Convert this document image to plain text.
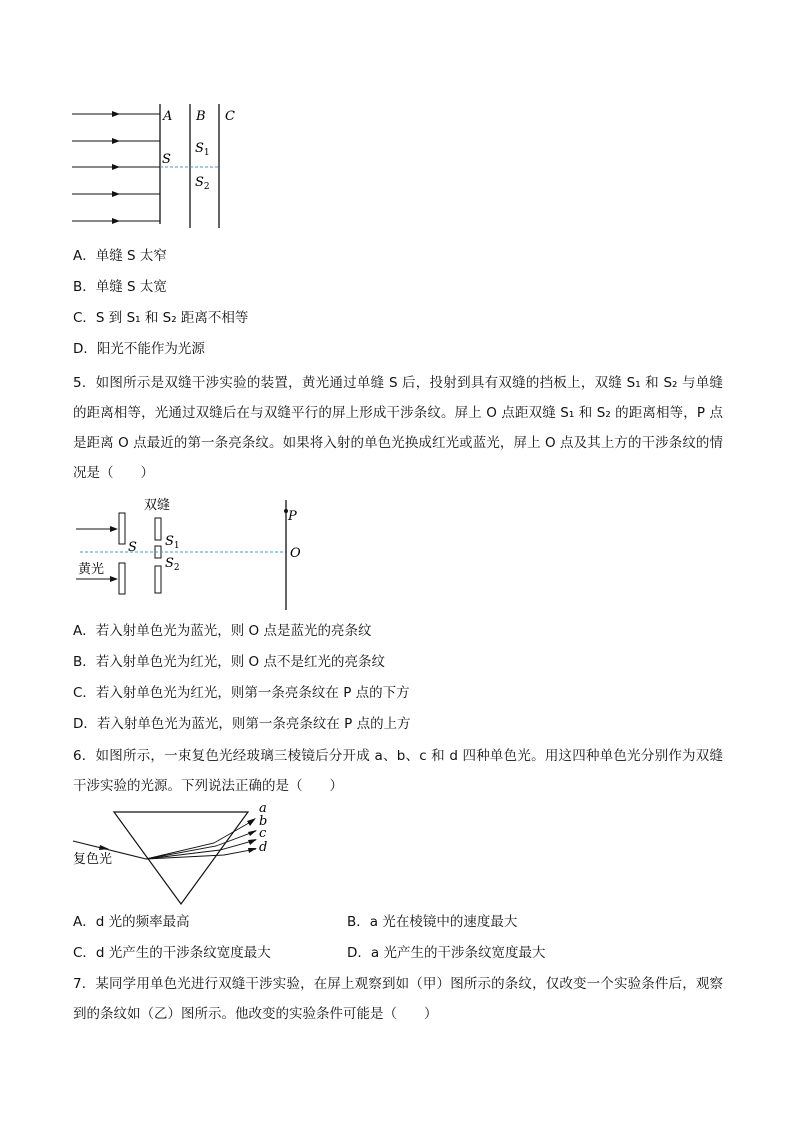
A B C
S
$S_1$
$S_2$
A．单缝 S 太窄
B．单缝 S 太宽
C．S 到 S₁ 和 S₂ 距离不相等
D．阳光不能作为光源
5．如图所示是双缝干涉实验的装置，黄光通过单缝 S 后，投射到具有双缝的挡板上，双缝 S₁ 和 S₂ 与单缝的距离相等，光通过双缝后在与双缝平行的屏上形成干涉条纹。屏上 O 点距双缝 S₁ 和 S₂ 的距离相等，P 点是距离 O 点最近的第一条亮条纹。如果将入射的单色光换成红光或蓝光，屏上 O 点及其上方的干涉条纹的情况是（　　）
黄光
S
双缝
$S_1$
$S_2$
P
O
A．若入射单色光为蓝光，则 O 点是蓝光的亮条纹
B．若入射单色光为红光，则 O 点不是红光的亮条纹
C．若入射单色光为红光，则第一条亮条纹在 P 点的下方
D．若入射单色光为蓝光，则第一条亮条纹在 P 点的上方
6．如图所示，一束复色光经玻璃三棱镜后分开成 a、b、c 和 d 四种单色光。用这四种单色光分别作为双缝干涉实验的光源。下列说法正确的是（　　）
复色光
a
b
c
d
A．d 光的频率最高	B．a 光在棱镜中的速度最大
C．d 光产生的干涉条纹宽度最大	D．a 光产生的干涉条纹宽度最大
7．某同学用单色光进行双缝干涉实验，在屏上观察到如（甲）图所示的条纹，仅改变一个实验条件后，观察到的条纹如（乙）图所示。他改变的实验条件可能是（　　）
